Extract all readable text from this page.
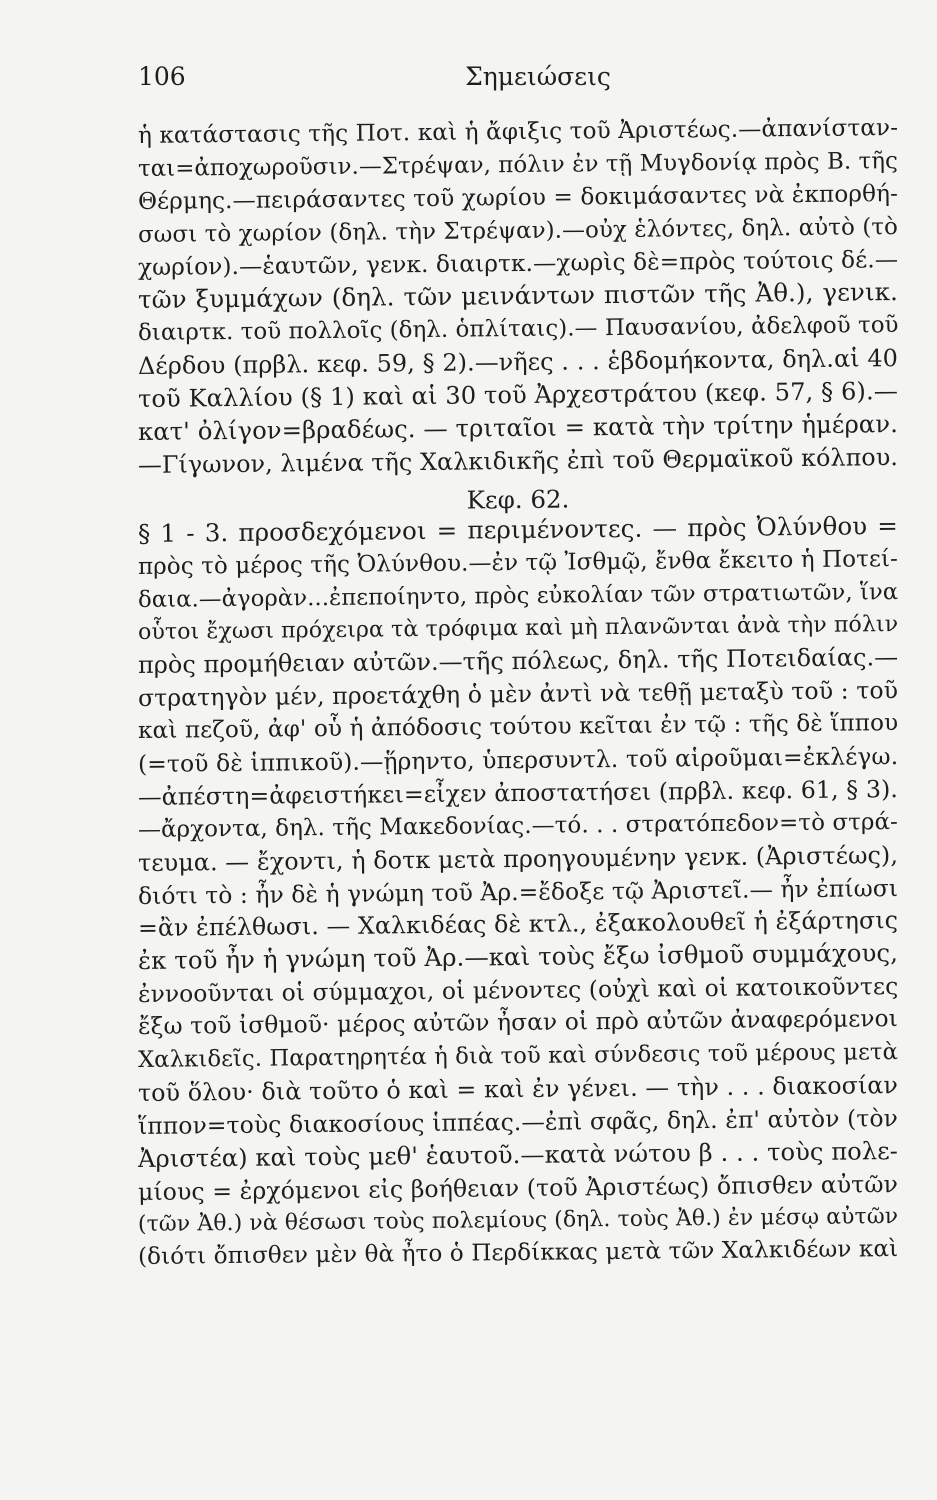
106	Σημειώσεις
ἡ κατάστασις τῆς Ποτ. καὶ ἡ ἄφιξις τοῦ Ἀριστέως.—ἀπανίσταν-
ται=ἀποχωροῦσιν.—Στρέψαν, πόλιν ἐν τῇ Μυγδονίᾳ πρὸς Β. τῆς
Θέρμης.—πειράσαντες τοῦ χωρίου = δοκιμάσαντες νὰ ἐκπορθή-
σωσι τὸ χωρίον (δηλ. τὴν Στρέψαν).—οὐχ ἑλόντες, δηλ. αὐτὸ (τὸ
χωρίον).—ἑαυτῶν, γενκ. διαιρτκ.—χωρὶς δὲ=πρὸς τούτοις δέ.—
τῶν ξυμμάχων (δηλ. τῶν μεινάντων πιστῶν τῆς Ἀθ.), γενικ.
διαιρτκ. τοῦ πολλοῖς (δηλ. ὁπλίταις).— Παυσανίου, ἀδελφοῦ τοῦ
Δέρδου (πρβλ. κεφ. 59, § 2).—νῆες . . . ἑβδομήκοντα, δηλ.αἱ 40
τοῦ Καλλίου (§ 1) καὶ αἱ 30 τοῦ Ἀρχεστράτου (κεφ. 57, § 6).—
κατ' ὀλίγον=βραδέως. — τριταῖοι = κατὰ τὴν τρίτην ἡμέραν.
—Γίγωνον, λιμένα τῆς Χαλκιδικῆς ἐπὶ τοῦ Θερμαϊκοῦ κόλπου.
Κεφ. 62.
§ 1 - 3. προσδεχόμενοι = περιμένοντες. — πρὸς Ὀλύνθου =
πρὸς τὸ μέρος τῆς Ὀλύνθου.—ἐν τῷ Ἰσθμῷ, ἔνθα ἔκειτο ἡ Ποτεί-
δαια.—ἀγορὰν...ἐπεποίηντο, πρὸς εὐκολίαν τῶν στρατιωτῶν, ἵνα
οὗτοι ἔχωσι πρόχειρα τὰ τρόφιμα καὶ μὴ πλανῶνται ἀνὰ τὴν πόλιν
πρὸς προμήθειαν αὐτῶν.—τῆς πόλεως, δηλ. τῆς Ποτειδαίας.—
στρατηγὸν μέν, προετάχθη ὁ μὲν ἀντὶ νὰ τεθῇ μεταξὺ τοῦ : τοῦ
καὶ πεζοῦ, ἀφ' οὗ ἡ ἀπόδοσις τούτου κεῖται ἐν τῷ : τῆς δὲ ἵππου
(=τοῦ δὲ ἱππικοῦ).—ᾕρηντο, ὑπερσυντλ. τοῦ αἱροῦμαι=ἐκλέγω.
—ἀπέστη=ἀφειστήκει=εἶχεν ἀποστατήσει (πρβλ. κεφ. 61, § 3).
—ἄρχοντα, δηλ. τῆς Μακεδονίας.—τό. . . στρατόπεδον=τὸ στρά-
τευμα. — ἔχοντι, ἡ δοτκ μετὰ προηγουμένην γενκ. (Ἀριστέως),
διότι τὸ : ἦν δὲ ἡ γνώμη τοῦ Ἀρ.=ἔδοξε τῷ Ἀριστεῖ.— ἦν ἐπίωσι
=ἂν ἐπέλθωσι. — Χαλκιδέας δὲ κτλ., ἐξακολουθεῖ ἡ ἐξάρτησις
ἐκ τοῦ ἦν ἡ γνώμη τοῦ Ἀρ.—καὶ τοὺς ἔξω ἰσθμοῦ συμμάχους,
ἐννοοῦνται οἱ σύμμαχοι, οἱ μένοντες (οὐχὶ καὶ οἱ κατοικοῦντες
ἔξω τοῦ ἰσθμοῦ· μέρος αὐτῶν ἦσαν οἱ πρὸ αὐτῶν ἀναφερόμενοι
Χαλκιδεῖς. Παρατηρητέα ἡ διὰ τοῦ καὶ σύνδεσις τοῦ μέρους μετὰ
τοῦ ὅλου· διὰ τοῦτο ὁ καὶ = καὶ ἐν γένει. — τὴν . . . διακοσίαν
ἵππον=τοὺς διακοσίους ἱππέας.—ἐπὶ σφᾶς, δηλ. ἐπ' αὐτὸν (τὸν
Ἀριστέα) καὶ τοὺς μεθ' ἑαυτοῦ.—κατὰ νώτου β . . . τοὺς πολε-
μίους = ἐρχόμενοι εἰς βοήθειαν (τοῦ Ἀριστέως) ὄπισθεν αὐτῶν
(τῶν Ἀθ.) νὰ θέσωσι τοὺς πολεμίους (δηλ. τοὺς Ἀθ.) ἐν μέσῳ αὐτῶν
(διότι ὄπισθεν μὲν θὰ ἦτο ὁ Περδίκκας μετὰ τῶν Χαλκιδέων καὶ
